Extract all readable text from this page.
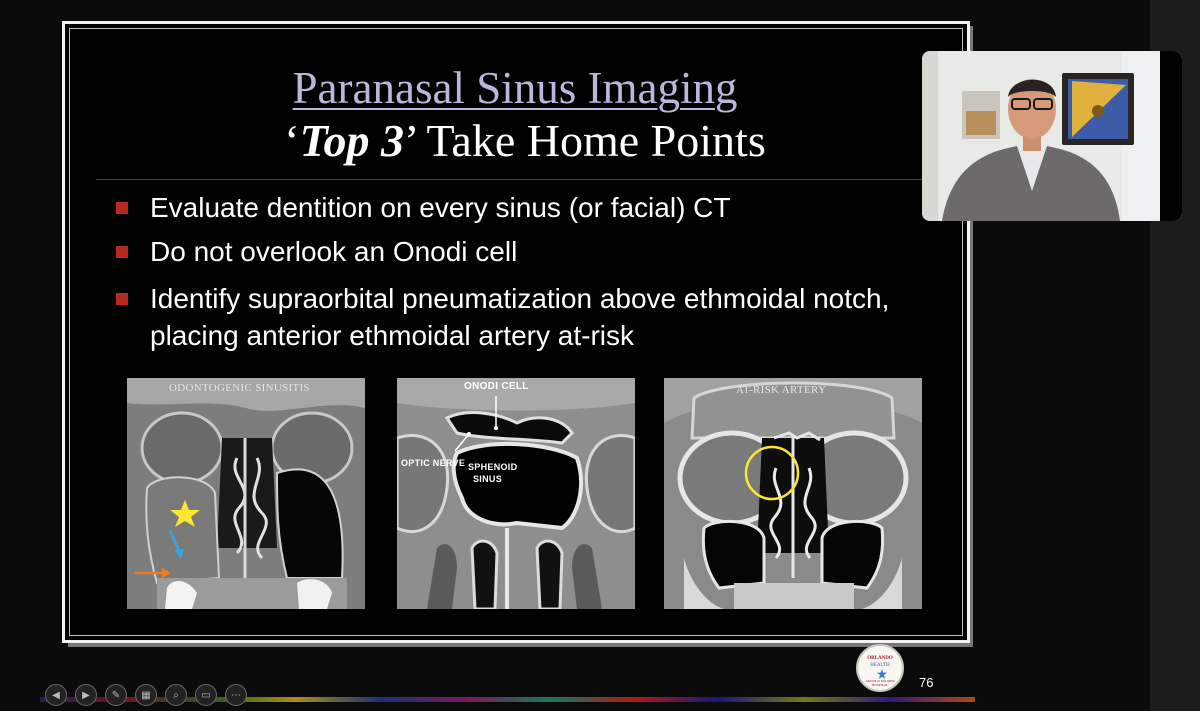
Paranasal Sinus Imaging
‘Top 3’ Take Home Points
Evaluate dentition on every sinus (or facial) CT
Do not overlook an Onodi cell
Identify supraorbital pneumatization above ethmoidal notch, placing anterior ethmoidal artery at-risk
ODONTOGENIC SINUSITIS	ONODI CELL
OPTIC NERVE SPHENOID
SINUS
AT-RISK ARTERY
ORLANDO
HEALTH
ARNOLD PALMER HOSPITAL	76
◀	▶	✎	▦	⌕	▭	⋯
